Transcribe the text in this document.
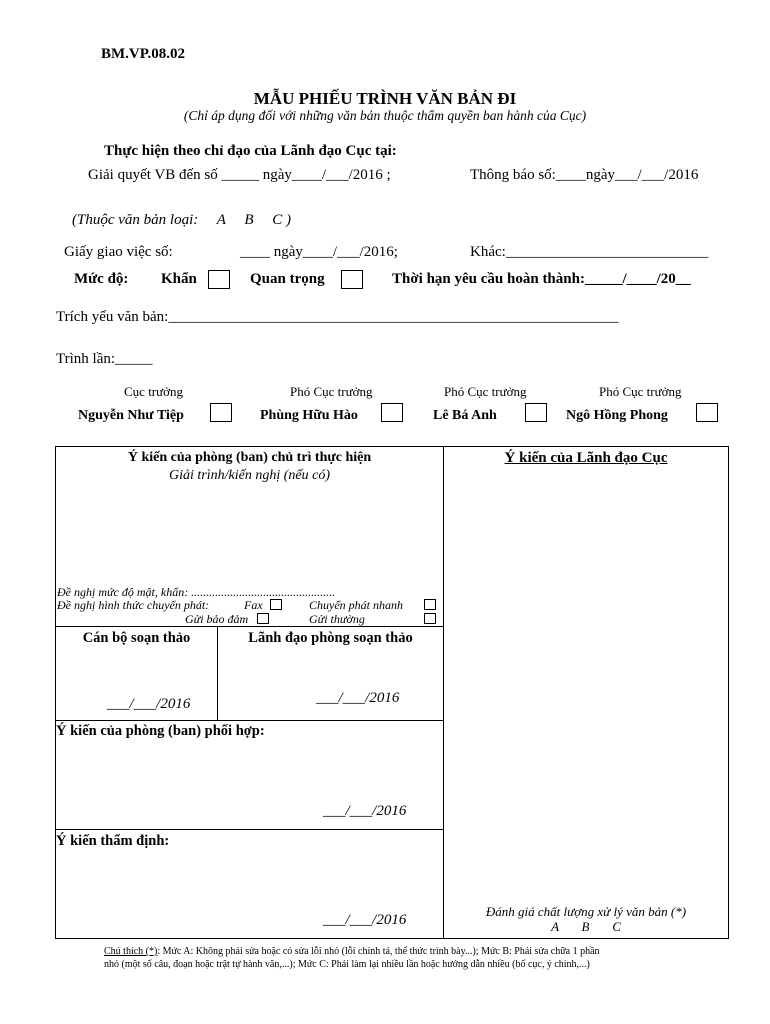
BM.VP.08.02
MẪU PHIẾU TRÌNH VĂN BẢN ĐI
(Chỉ áp dụng đối với những văn bản thuộc thẩm quyền ban hành của Cục)
Thực hiện theo chỉ đạo của Lãnh đạo Cục tại:
Giải quyết VB đến số _____ ngày____/___/2016 ;	Thông báo số:____ngày___/___/2016
(Thuộc văn bản loại:     A     B     C )
Giấy giao việc số:	____ ngày____/___/2016;	Khác:___________________________
Mức độ: Khẩn	Quan trọng	Thời hạn yêu cầu hoàn thành:_____/____/20__
Trích yếu văn bản:____________________________________________________________
Trình lần:_____
Cục trưởng	Phó Cục trưởng	Phó Cục trưởng	Phó Cục trưởng
Nguyễn Như Tiệp	Phùng Hữu Hào	Lê Bá Anh	Ngô Hồng Phong
Ý kiến của phòng (ban) chủ trì thực hiện
Giải trình/kiến nghị (nếu có)
Đề nghị mức độ mật, khẩn: ................................................
Đề nghị hình thức chuyển phát:	Fax	Chuyển phát nhanh
Gửi bảo đảm	Gửi thường
Cán bộ soạn thảo
___/___/2016
Lãnh đạo phòng soạn thảo
___/___/2016
Ý kiến của phòng (ban) phối hợp:
___/___/2016
Ý kiến thẩm định:
___/___/2016
Ý kiến của Lãnh đạo Cục
Đánh giá chất lượng xử lý văn bản (*)
A       B       C
Chú thích (*): Mức A: Không phải sửa hoặc có sửa lỗi nhỏ (lỗi chính tả, thể thức trình bày...); Mức B: Phải sửa chữa 1 phần
nhỏ (một số câu, đoạn hoặc trật tự hành văn,...); Mức C: Phải làm lại nhiều lần hoặc hướng dẫn nhiều (bố cục, ý chính,...)
